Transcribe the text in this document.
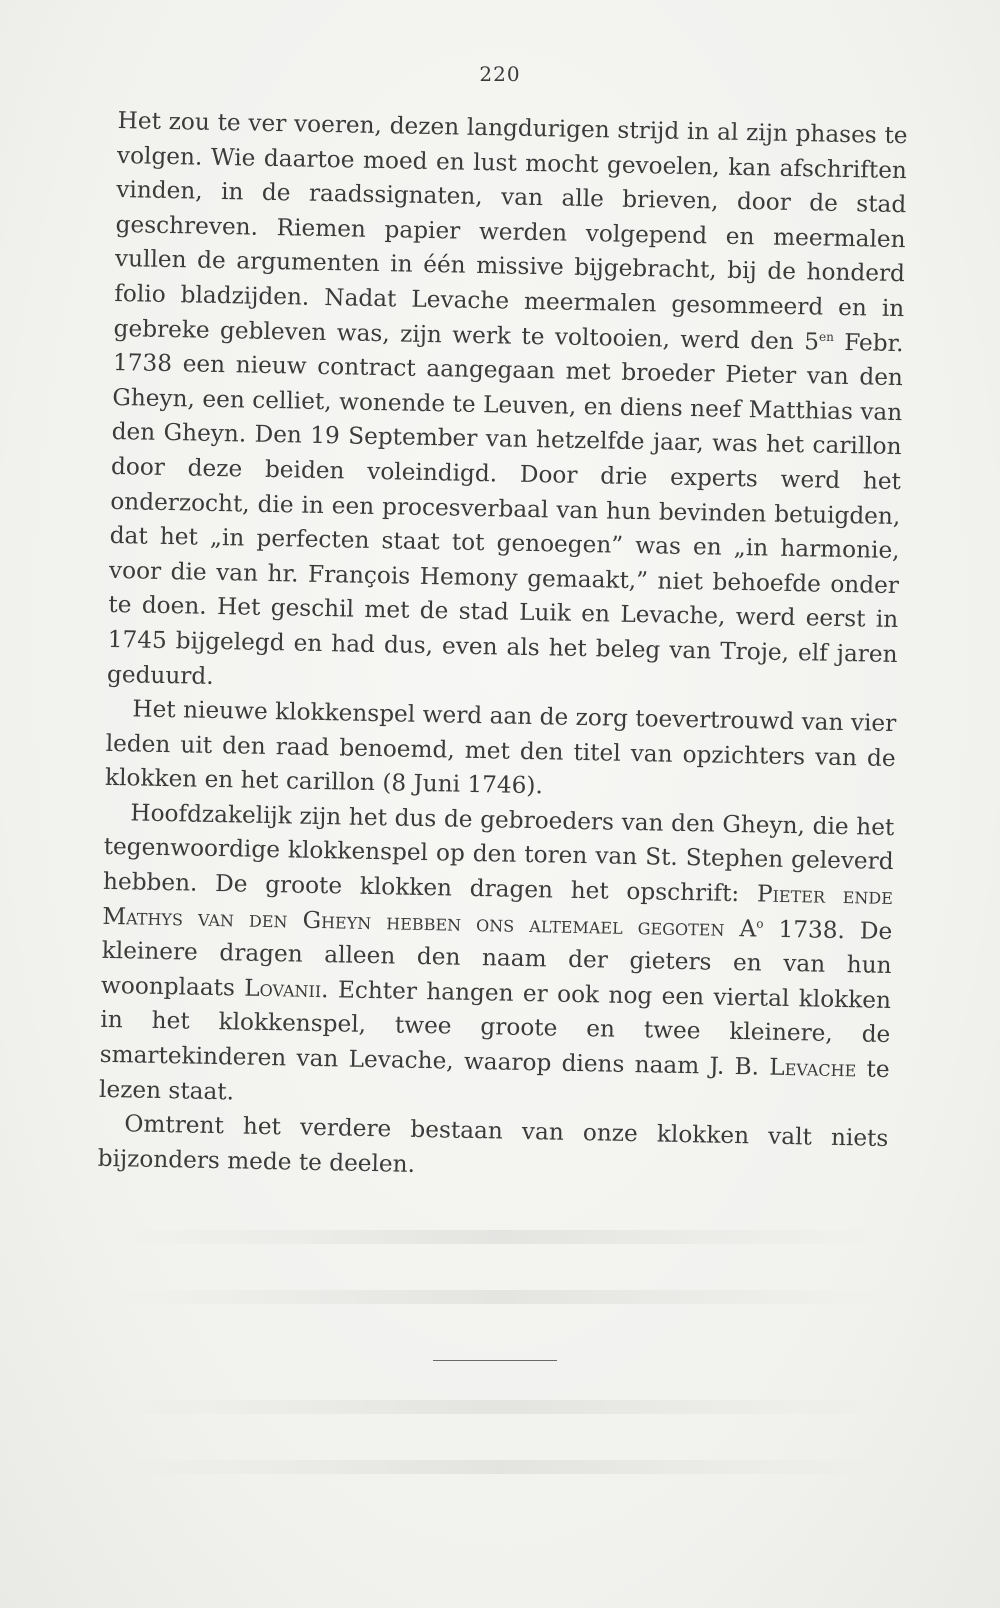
220

Het zou te ver voeren, dezen langdurigen strijd in al zijn phases te volgen. Wie daartoe moed en lust mocht gevoelen, kan afschriften vinden, in de raadssignaten, van alle brieven, door de stad geschreven. Riemen papier werden volgepend en meermalen vullen de argumenten in één missive bijgebracht, bij de honderd folio bladzijden. Nadat Levache meermalen gesommeerd en in gebreke gebleven was, zijn werk te voltooien, werd den $5^{en}$ Febr. 1738 een nieuw contract aangegaan met broeder Pieter van den Gheyn, een celliet, wonende te Leuven, en diens neef Matthias van den Gheyn. Den 19 September van hetzelfde jaar, was het carillon door deze beiden voleindigd. Door drie experts werd het onderzocht, die in een procesverbaal van hun bevinden betuigden, dat het „in perfecten staat tot genoegen” was en „in harmonie, voor die van hr. François Hemony gemaakt,” niet behoefde onder te doen. Het geschil met de stad Luik en Levache, werd eerst in 1745 bijgelegd en had dus, even als het beleg van Troje, elf jaren geduurd.

Het nieuwe klokkenspel werd aan de zorg toevertrouwd van vier leden uit den raad benoemd, met den titel van opzichters van de klokken en het carillon (8 Juni 1746).

Hoofdzakelijk zijn het dus de gebroeders van den Gheyn, die het tegenwoordige klokkenspel op den toren van St. Stephen geleverd hebben. De groote klokken dragen het opschrift: Pieter ende Mathys van den Gheyn hebben ons altemael gegoten $A^o$ 1738. De kleinere dragen alleen den naam der gieters en van hun woonplaats Lovanii. Echter hangen er ook nog een viertal klokken in het klokkenspel, twee groote en twee kleinere, de smartekinderen van Levache, waarop diens naam J. B. Levache te lezen staat.

Omtrent het verdere bestaan van onze klokken valt niets bijzonders mede te deelen.
